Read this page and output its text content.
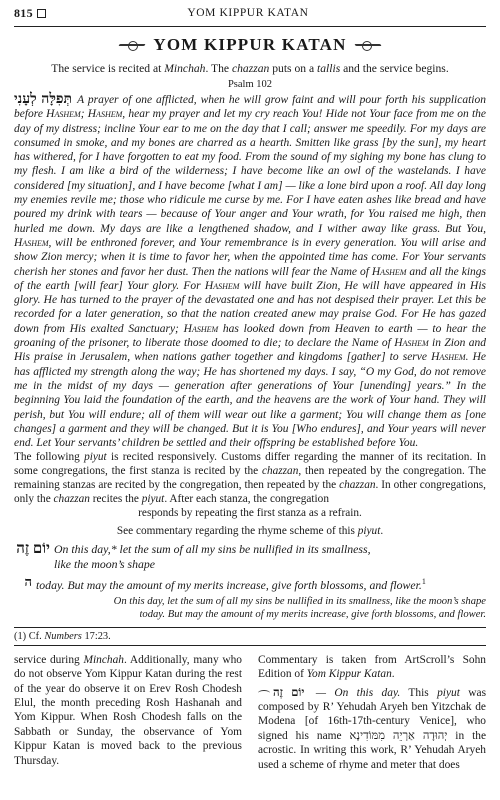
815	YOM KIPPUR KATAN
YOM KIPPUR KATAN
The service is recited at Minchah. The chazzan puts on a tallis and the service begins.
Psalm 102
תְּפִלָּה לְעָנִי A prayer of one afflicted, when he will grow faint and will pour forth his supplication before Hashem; Hashem, hear my prayer and let my cry reach You! Hide not Your face from me on the day of my distress; incline Your ear to me on the day that I call; answer me speedily. For my days are consumed in smoke, and my bones are charred as a hearth. Smitten like grass [by the sun], my heart has withered, for I have forgotten to eat my food. From the sound of my sighing my bone has clung to my flesh. I am like a bird of the wilderness; I have become like an owl of the wastelands. I have considered [my situation], and I have become [what I am] — like a lone bird upon a roof. All day long my enemies revile me; those who ridicule me curse by me. For I have eaten ashes like bread and have poured my drink with tears — because of Your anger and Your wrath, for You raised me high, then hurled me down. My days are like a lengthened shadow, and I wither away like grass. But You, Hashem, will be enthroned forever, and Your remembrance is in every generation. You will arise and show Zion mercy; when it is time to favor her, when the appointed time has come. For Your servants cherish her stones and favor her dust. Then the nations will fear the Name of Hashem and all the kings of the earth [will fear] Your glory. For Hashem will have built Zion, He will have appeared in His glory. He has turned to the prayer of the devastated one and has not despised their prayer. Let this be recorded for a later generation, so that the nation created anew may praise God. For He has gazed down from His exalted Sanctuary; Hashem has looked down from Heaven to earth — to hear the groaning of the prisoner, to liberate those doomed to die; to declare the Name of Hashem in Zion and His praise in Jerusalem, when nations gather together and kingdoms [gather] to serve Hashem. He has afflicted my strength along the way; He has shortened my days. I say, “O my God, do not remove me in the midst of my days — generation after generations of Your [unending] years.” In the beginning You laid the foundation of the earth, and the heavens are the work of Your hand. They will perish, but You will endure; all of them will wear out like a garment; You will change them as [one changes] a garment and they will be changed. But it is You [Who endures], and Your years will never end. Let Your servants’ children be settled and their offspring be established before You.
The following piyut is recited responsively. Customs differ regarding the manner of its recitation. In some congregations, the first stanza is recited by the chazzan, then repeated by the congregation. The remaining stanzas are recited by the congregation, then repeated by the chazzan. In other congregations, only the chazzan recites the piyut. After each stanza, the congregation
responds by repeating the first stanza as a refrain.
See commentary regarding the rhyme scheme of this piyut.
יוֹם זֶה On this day,* let the sum of all my sins be nullified in its smallness,
like the moon’s shape
ה today. But may the amount of my merits increase, give forth blossoms, and flower.$^1$
On this day, let the sum of all my sins be nullified in its smallness, like the moon’s shape
today. But may the amount of my merits increase, give forth blossoms, and flower.
(1) Cf. Numbers 17:23.
service during Minchah. Additionally, many who do not observe Yom Kippur Katan during the rest of the year do observe it on Erev Rosh Chodesh Elul, the month preceding Rosh Hashanah and Yom Kippur. When Rosh Chodesh falls on the Sabbath or Sunday, the observance of Yom Kippur Katan is moved back to the previous Thursday.
Commentary is taken from ArtScroll’s Sohn Edition of Yom Kippur Katan.
יוֹם זֶה — On this day. This piyut was composed by R’ Yehudah Aryeh ben Yitzchak de Modena [of 16th-17th-century Venice], who signed his name יְהוּדָה אַרְיֵה מִמּוֹדִינָא in the acrostic. In writing this work, R’ Yehudah Aryeh used a scheme of rhyme and meter that does
